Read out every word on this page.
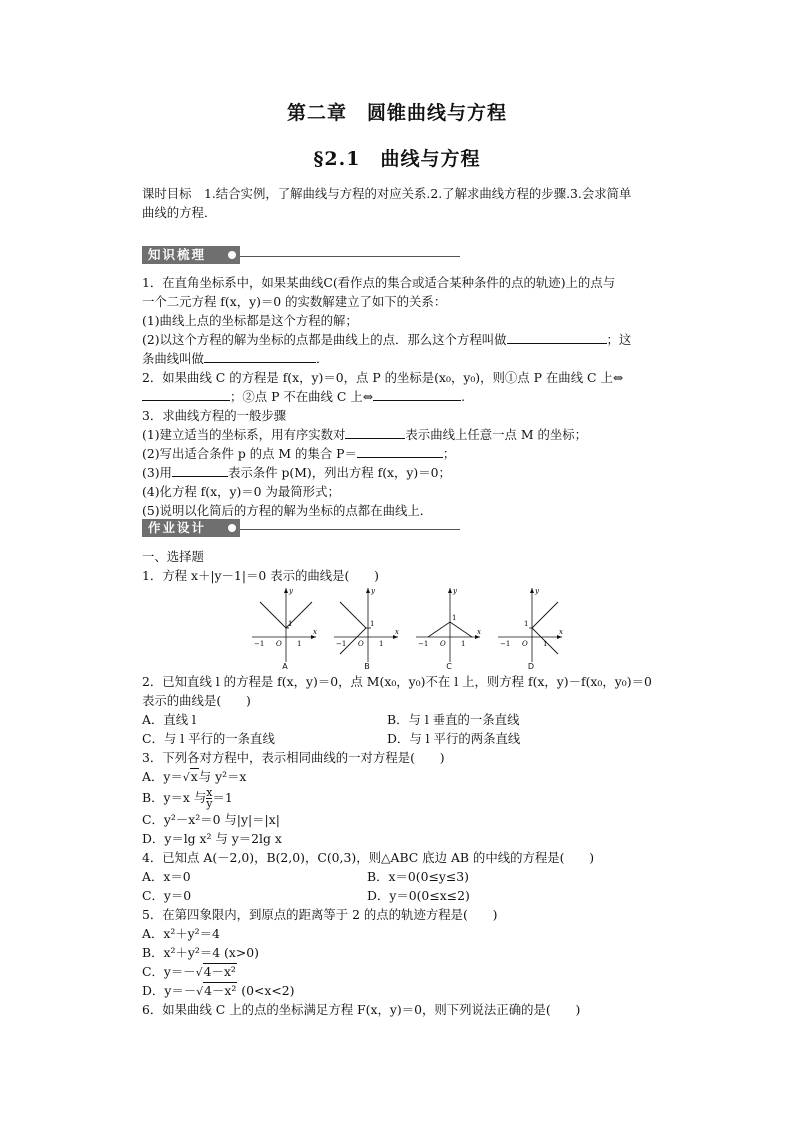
第二章　圆锥曲线与方程
§2.1　曲线与方程
课时目标　1.结合实例，了解曲线与方程的对应关系.2.了解求曲线方程的步骤.3.会求简单
曲线的方程．
知识梳理
1．在直角坐标系中，如果某曲线C(看作点的集合或适合某种条件的点的轨迹)上的点与
一个二元方程 f(x，y)＝0 的实数解建立了如下的关系：
(1)曲线上点的坐标都是这个方程的解；
(2)以这个方程的解为坐标的点都是曲线上的点．那么这个方程叫做	；这
条曲线叫做	．
2．如果曲线 C 的方程是 f(x，y)＝0，点 P 的坐标是(x₀，y₀)，则①点 P 在曲线 C 上⇔
；②点 P 不在曲线 C 上⇔	.
3．求曲线方程的一般步骤
(1)建立适当的坐标系，用有序实数对	表示曲线上任意一点 M 的坐标；
(2)写出适合条件 p 的点 M 的集合 P＝	；
(3)用	表示条件 p(M)，列出方程 f(x，y)＝0；
(4)化方程 f(x，y)＝0 为最简形式；
(5)说明以化简后的方程的解为坐标的点都在曲线上．
作业设计
一、选择题
1．方程 x＋|y－1|＝0 表示的曲线是(　　)
y
x
1
−1 O 1
A
y
x
1
−1 O 1
B
y
x
1
−1 O 1
C
y
x
1
−1 O 1
D
2．已知直线 l 的方程是 f(x，y)＝0，点 M(x₀，y₀)不在 l 上，则方程 f(x，y)－f(x₀，y₀)＝0
表示的曲线是(　　)
A．直线 l	B．与 l 垂直的一条直线
C．与 l 平行的一条直线	D．与 l 平行的两条直线
3．下列各对方程中，表示相同曲线的一对方程是(　　)
A．y＝√x与 y²＝x
B．y＝x 与 $\frac{x}{y} =1$
C．y²－x²＝0 与|y|＝|x|
D．y＝lg x² 与 y＝2lg x
4．已知点 A(－2,0)，B(2,0)，C(0,3)，则△ABC 底边 AB 的中线的方程是(　　)
A．x＝0	B．x＝0(0≤y≤3)
C．y＝0	D．y＝0(0≤x≤2)
5．在第四象限内，到原点的距离等于 2 的点的轨迹方程是(　　)
A．x²＋y²＝4
B．x²＋y²＝4 (x>0)
C．y＝－√4－x²
D．y＝－√4－x² (0<x<2)
6．如果曲线 C 上的点的坐标满足方程 F(x，y)＝0，则下列说法正确的是(　　)
